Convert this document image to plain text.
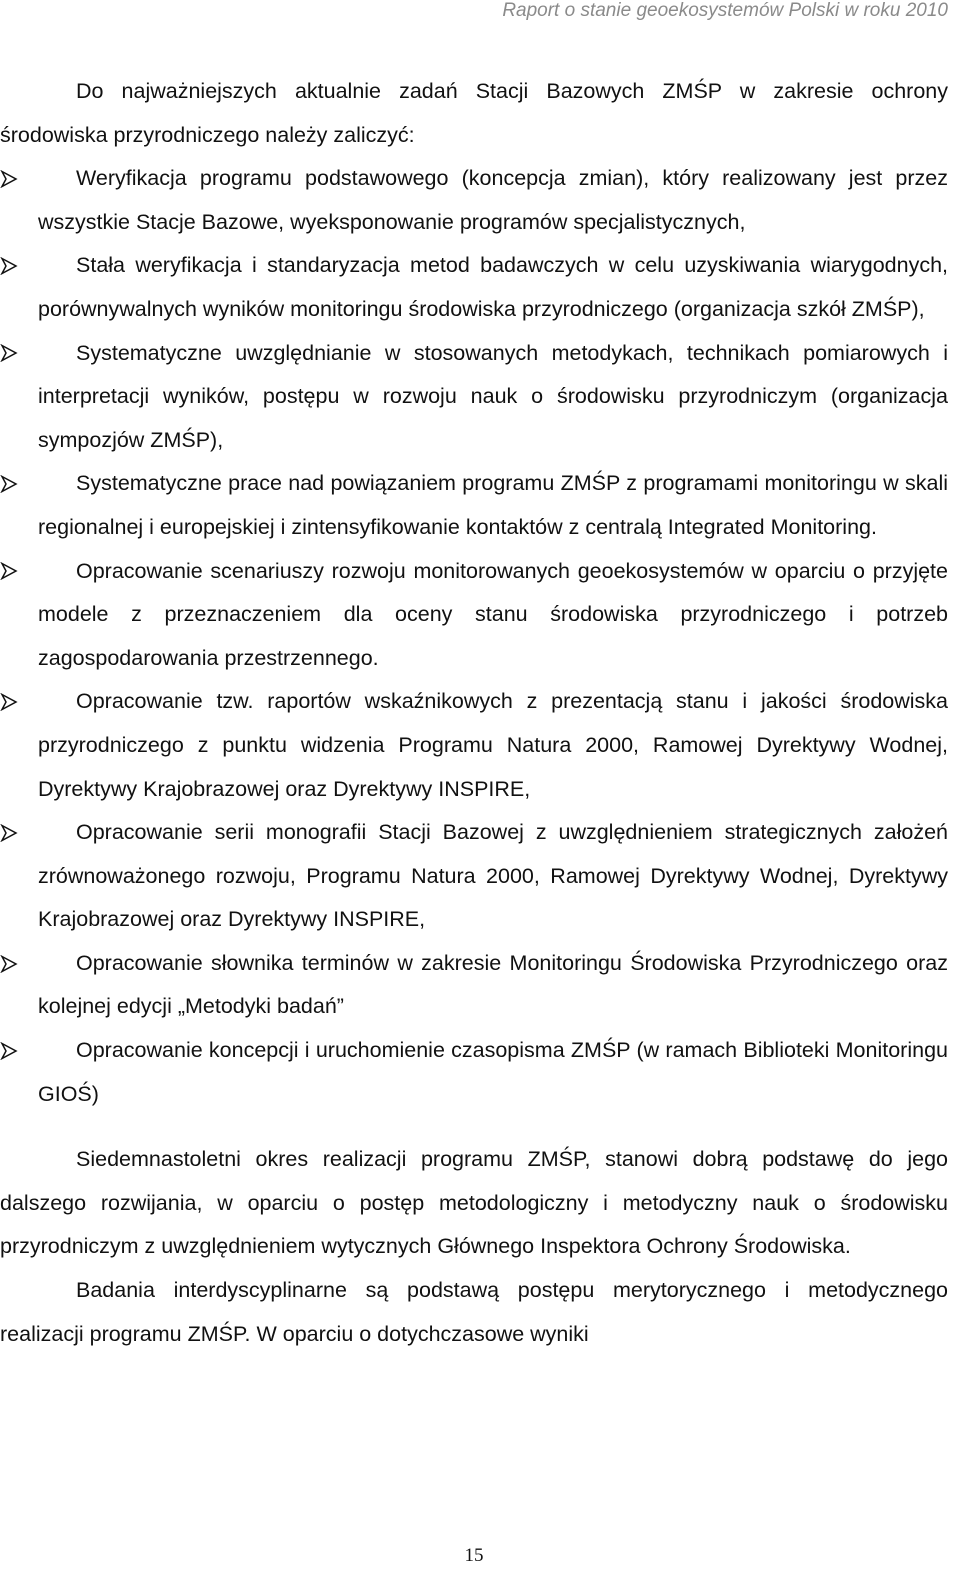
Raport o stanie geoekosystemów Polski w roku 2010

Do najważniejszych aktualnie zadań Stacji Bazowych ZMŚP w zakresie ochrony środowiska przyrodniczego należy zaliczyć:

Weryfikacja programu podstawowego (koncepcja zmian), który realizowany jest przez wszystkie Stacje Bazowe, wyeksponowanie programów specjalistycznych,

Stała weryfikacja i standaryzacja metod badawczych w celu uzyskiwania wiarygodnych, porównywalnych wyników monitoringu środowiska przyrodniczego (organizacja szkół ZMŚP),

Systematyczne uwzględnianie w stosowanych metodykach, technikach pomiarowych i interpretacji wyników, postępu w rozwoju nauk o środowisku przyrodniczym (organizacja sympozjów ZMŚP),

Systematyczne prace nad powiązaniem programu ZMŚP z programami monitoringu w skali regionalnej i europejskiej i zintensyfikowanie kontaktów z centralą Integrated Monitoring.

Opracowanie scenariuszy rozwoju monitorowanych geoekosystemów w oparciu o przyjęte modele z przeznaczeniem dla oceny stanu środowiska przyrodniczego i potrzeb zagospodarowania przestrzennego.

Opracowanie tzw. raportów wskaźnikowych z prezentacją stanu i jakości środowiska przyrodniczego z punktu widzenia Programu Natura 2000, Ramowej Dyrektywy Wodnej, Dyrektywy Krajobrazowej oraz Dyrektywy INSPIRE,

Opracowanie serii monografii Stacji Bazowej z uwzględnieniem strategicznych założeń zrównoważonego rozwoju, Programu Natura 2000, Ramowej Dyrektywy Wodnej, Dyrektywy Krajobrazowej oraz Dyrektywy INSPIRE,

Opracowanie słownika terminów w zakresie Monitoringu Środowiska Przyrodniczego oraz kolejnej edycji „Metodyki badań”

Opracowanie koncepcji i uruchomienie czasopisma ZMŚP (w ramach Biblioteki Monitoringu GIOŚ)

Siedemnastoletni okres realizacji programu ZMŚP, stanowi dobrą podstawę do jego dalszego rozwijania, w oparciu o postęp metodologiczny i metodyczny nauk o środowisku przyrodniczym z uwzględnieniem wytycznych Głównego Inspektora Ochrony Środowiska.

Badania interdyscyplinarne są podstawą postępu merytorycznego i metodycznego realizacji programu ZMŚP. W oparciu o dotychczasowe wyniki

15
